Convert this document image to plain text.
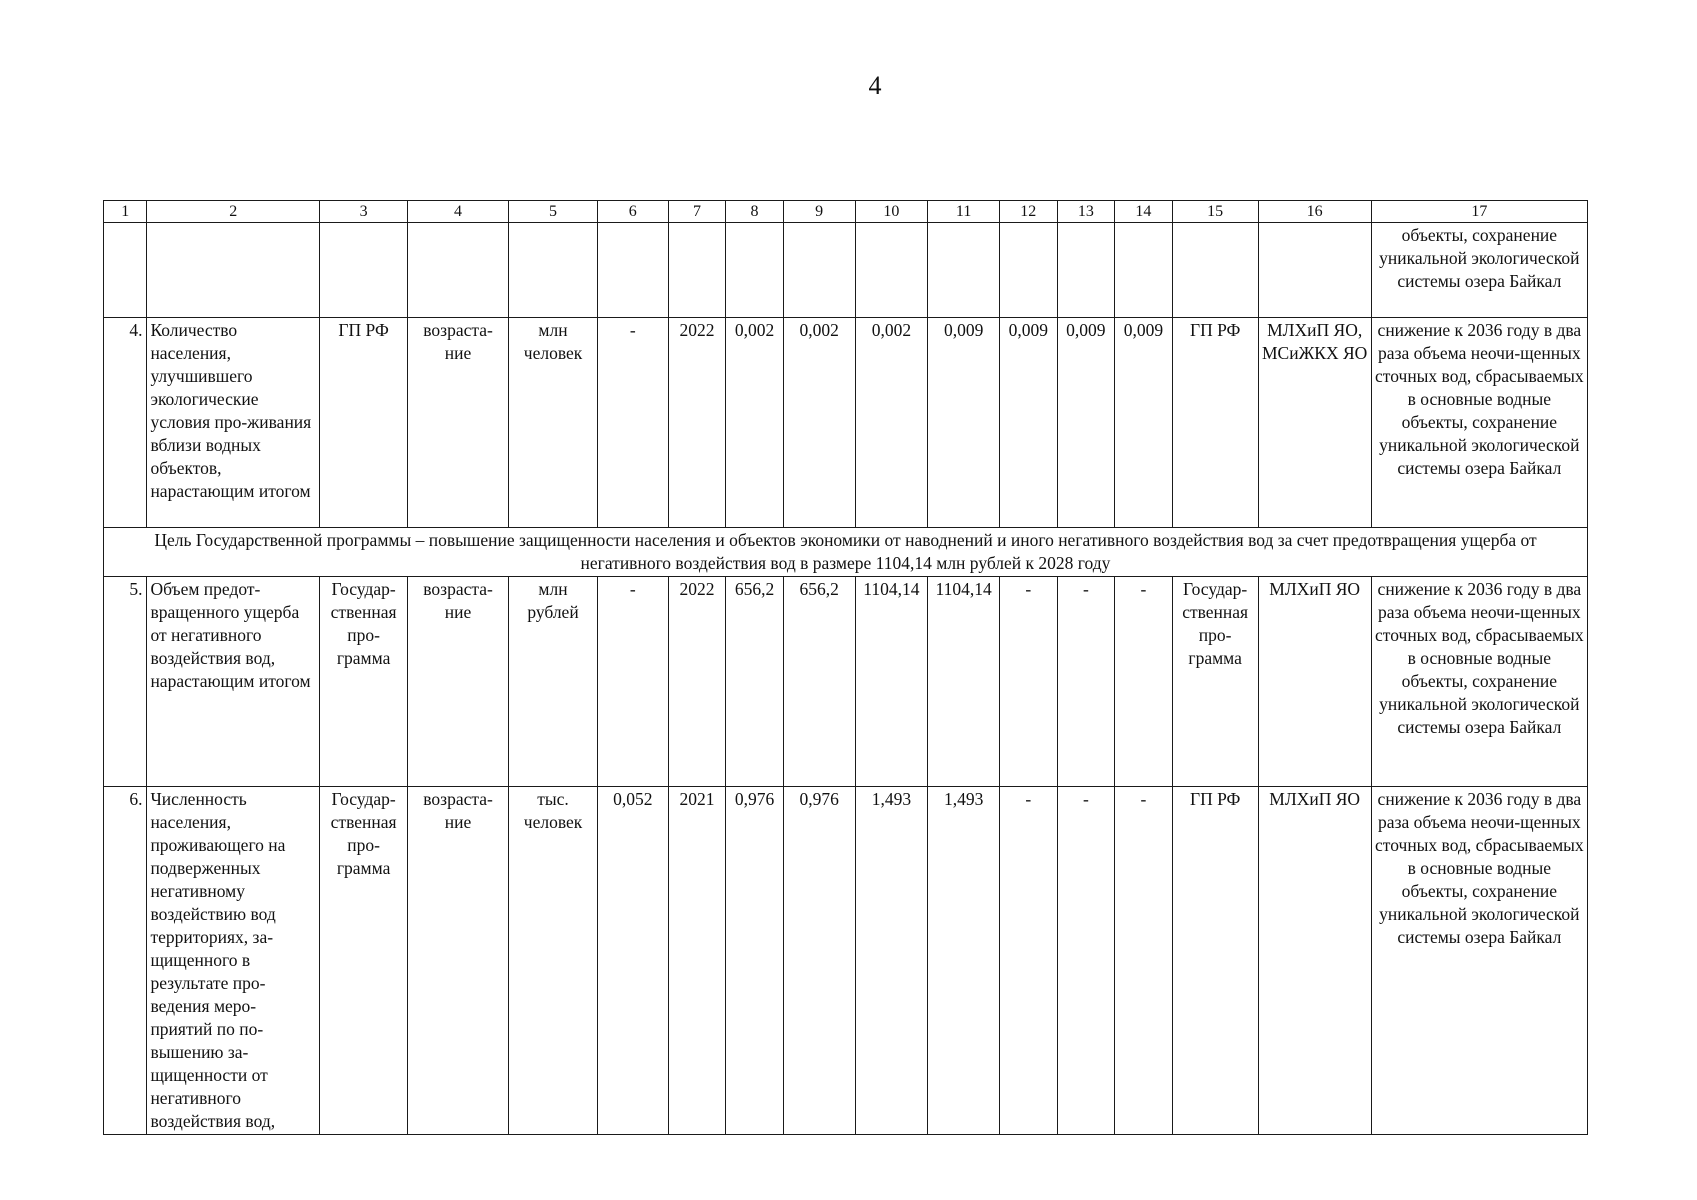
4
1	2	3	4	5	6	7	8	9	10	11	12	13	14	15	16	17
																объекты, сохранение уникальной экологической системы озера Байкал
4.	Количество населения, улучшившего экологические условия про-живания вблизи водных объектов, нарастающим итогом	ГП РФ	возраста-ние	млн человек	-	2022	0,002	0,002	0,002	0,009	0,009	0,009	0,009	ГП РФ	МЛХиП ЯО, МСиЖКХ ЯО	снижение к 2036 году в два раза объема неочи-щенных сточных вод, сбрасываемых в основные водные объекты, сохранение уникальной экологической системы озера Байкал
Цель Государственной программы – повышение защищенности населения и объектов экономики от наводнений и иного негативного воздействия вод за счет предотвращения ущерба от негативного воздействия вод в размере 1104,14 млн рублей к 2028 году																
5.	Объем предот-вращенного ущерба от негативного воздействия вод, нарастающим итогом	Государ-ственная про-грамма	возраста-ние	млн рублей	-	2022	656,2	656,2	1104,14	1104,14	-	-	-	Государ-ственная про-грамма	МЛХиП ЯО	снижение к 2036 году в два раза объема неочи-щенных сточных вод, сбрасываемых в основные водные объекты, сохранение уникальной экологической системы озера Байкал
6.	Численность населения, проживающего на подверженных негативному воздействию вод территориях, за-щищенного в результате про-ведения меро-приятий по по-вышению за-щищенности от негативного воздействия вод,	Государ-ственная про-грамма	возраста-ние	тыс. человек	0,052	2021	0,976	0,976	1,493	1,493	-	-	-	ГП РФ	МЛХиП ЯО	снижение к 2036 году в два раза объема неочи-щенных сточных вод, сбрасываемых в основные водные объекты, сохранение уникальной экологической системы озера Байкал
